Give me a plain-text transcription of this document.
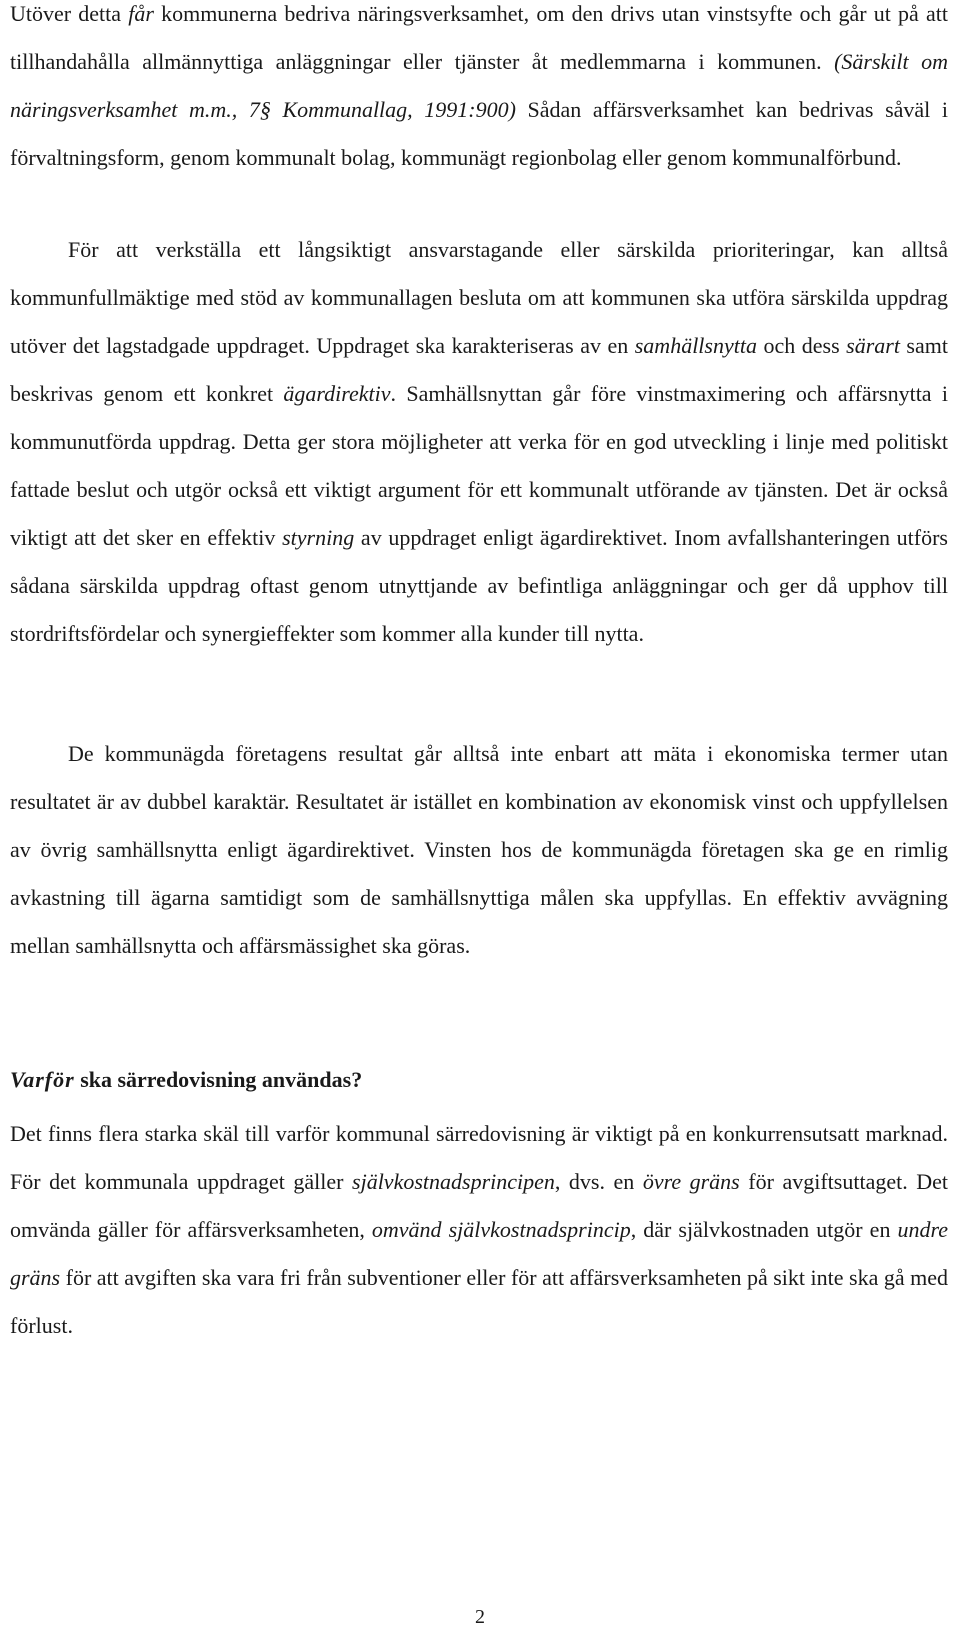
Utöver detta får kommunerna bedriva näringsverksamhet, om den drivs utan vinstsyfte och går ut på att tillhandahålla allmännyttiga anläggningar eller tjänster åt medlemmarna i kommunen. (Särskilt om näringsverksamhet m.m., 7§ Kommunallag, 1991:900) Sådan affärsverksamhet kan bedrivas såväl i förvaltningsform, genom kommunalt bolag, kommunägt regionbolag eller genom kommunalförbund.

För att verkställa ett långsiktigt ansvarstagande eller särskilda prioriteringar, kan alltså kommunfullmäktige med stöd av kommunallagen besluta om att kommunen ska utföra särskilda uppdrag utöver det lagstadgade uppdraget. Uppdraget ska karakteriseras av en samhällsnytta och dess särart samt beskrivas genom ett konkret ägardirektiv. Samhällsnyttan går före vinstmaximering och affärsnytta i kommunutförda uppdrag. Detta ger stora möjligheter att verka för en god utveckling i linje med politiskt fattade beslut och utgör också ett viktigt argument för ett kommunalt utförande av tjänsten. Det är också viktigt att det sker en effektiv styrning av uppdraget enligt ägardirektivet. Inom avfallshanteringen utförs sådana särskilda uppdrag oftast genom utnyttjande av befintliga anläggningar och ger då upphov till stordriftsfördelar och synergieffekter som kommer alla kunder till nytta.

De kommunägda företagens resultat går alltså inte enbart att mäta i ekonomiska termer utan resultatet är av dubbel karaktär. Resultatet är istället en kombination av ekonomisk vinst och uppfyllelsen av övrig samhällsnytta enligt ägardirektivet. Vinsten hos de kommunägda företagen ska ge en rimlig avkastning till ägarna samtidigt som de samhällsnyttiga målen ska uppfyllas. En effektiv avvägning mellan samhällsnytta och affärsmässighet ska göras.

Varför ska särredovisning användas?

Det finns flera starka skäl till varför kommunal särredovisning är viktigt på en konkurrensutsatt marknad. För det kommunala uppdraget gäller självkostnadsprincipen, dvs. en övre gräns för avgiftsuttaget. Det omvända gäller för affärsverksamheten, omvänd självkostnadsprincip, där självkostnaden utgör en undre gräns för att avgiften ska vara fri från subventioner eller för att affärsverksamheten på sikt inte ska gå med förlust.

2
